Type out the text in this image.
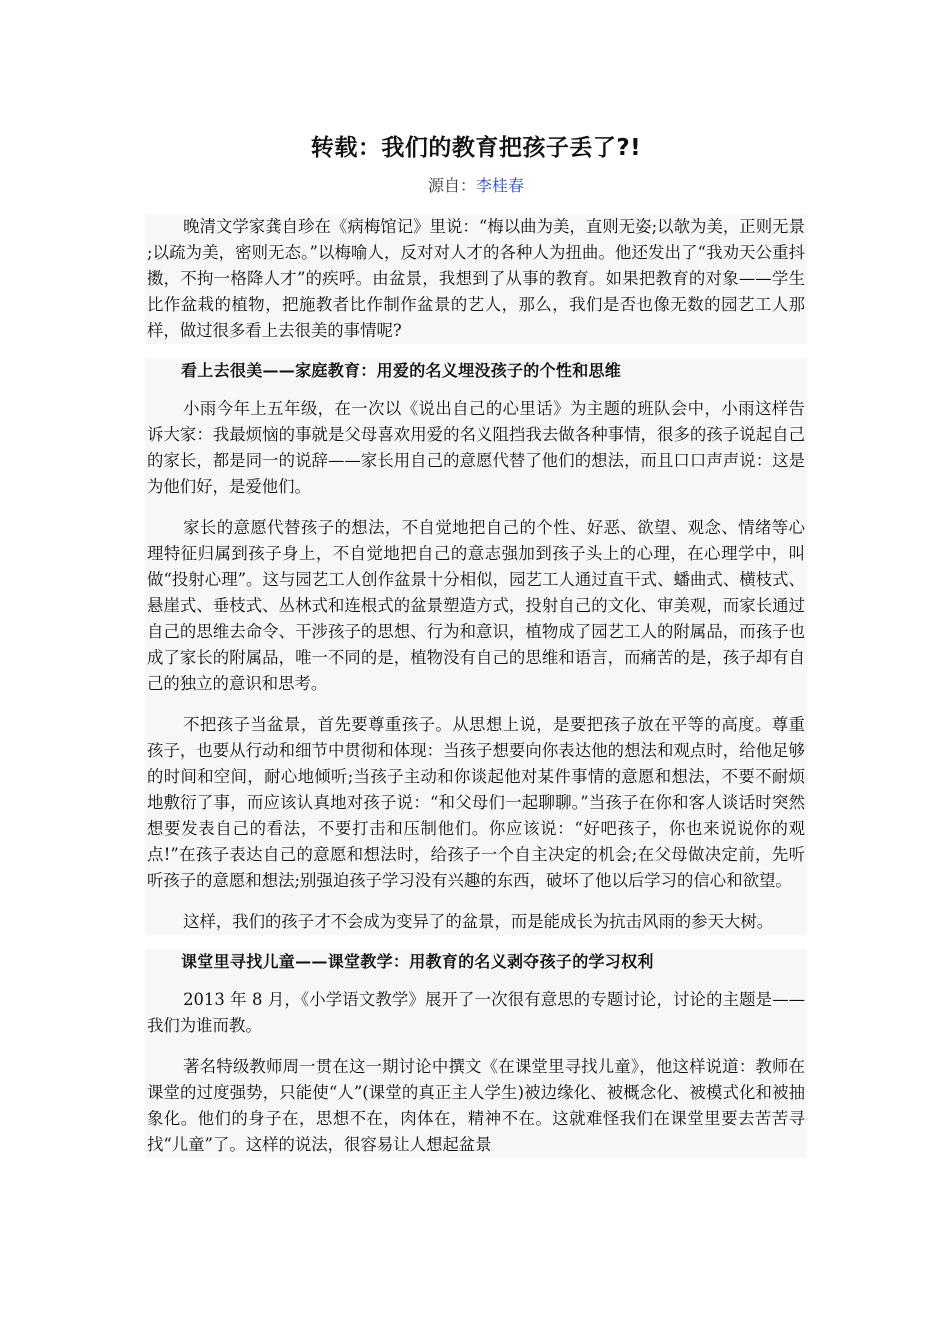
转载：我们的教育把孩子丢了?!
源自：李桂春

晚清文学家龚自珍在《病梅馆记》里说：“梅以曲为美，直则无姿;以欹为美，正则无景 ;以疏为美，密则无态。”以梅喻人，反对对人才的各种人为扭曲。他还发出了“我劝天公重抖擞，不拘一格降人才”的疾呼。由盆景，我想到了从事的教育。如果把教育的对象——学生比作盆栽的植物，把施教者比作制作盆景的艺人，那么，我们是否也像无数的园艺工人那样，做过很多看上去很美的事情呢?

看上去很美——家庭教育：用爱的名义埋没孩子的个性和思维

小雨今年上五年级，在一次以《说出自己的心里话》为主题的班队会中，小雨这样告诉大家：我最烦恼的事就是父母喜欢用爱的名义阻挡我去做各种事情，很多的孩子说起自己的家长，都是同一的说辞——家长用自己的意愿代替了他们的想法，而且口口声声说：这是为他们好，是爱他们。

家长的意愿代替孩子的想法，不自觉地把自己的个性、好恶、欲望、观念、情绪等心理特征归属到孩子身上，不自觉地把自己的意志强加到孩子头上的心理，在心理学中，叫做“投射心理”。这与园艺工人创作盆景十分相似，园艺工人通过直干式、蟠曲式、横枝式、悬崖式、垂枝式、丛林式和连根式的盆景塑造方式，投射自己的文化、审美观，而家长通过自己的思维去命令、干涉孩子的思想、行为和意识，植物成了园艺工人的附属品，而孩子也成了家长的附属品，唯一不同的是，植物没有自己的思维和语言，而痛苦的是，孩子却有自己的独立的意识和思考。

不把孩子当盆景，首先要尊重孩子。从思想上说，是要把孩子放在平等的高度。尊重孩子，也要从行动和细节中贯彻和体现：当孩子想要向你表达他的想法和观点时，给他足够的时间和空间，耐心地倾听;当孩子主动和你谈起他对某件事情的意愿和想法，不要不耐烦地敷衍了事，而应该认真地对孩子说：“和父母们一起聊聊。”当孩子在你和客人谈话时突然想要发表自己的看法，不要打击和压制他们。你应该说：“好吧孩子，你也来说说你的观点!”在孩子表达自己的意愿和想法时，给孩子一个自主决定的机会;在父母做决定前，先听听孩子的意愿和想法;别强迫孩子学习没有兴趣的东西，破坏了他以后学习的信心和欲望。

这样，我们的孩子才不会成为变异了的盆景，而是能成长为抗击风雨的参天大树。

课堂里寻找儿童——课堂教学：用教育的名义剥夺孩子的学习权利

2013 年 8 月，《小学语文教学》展开了一次很有意思的专题讨论，讨论的主题是——我们为谁而教。

著名特级教师周一贯在这一期讨论中撰文《在课堂里寻找儿童》，他这样说道：教师在课堂的过度强势，只能使“人”(课堂的真正主人学生)被边缘化、被概念化、被模式化和被抽象化。他们的身子在，思想不在，肉体在，精神不在。这就难怪我们在课堂里要去苦苦寻找“儿童”了。这样的说法，很容易让人想起盆景
